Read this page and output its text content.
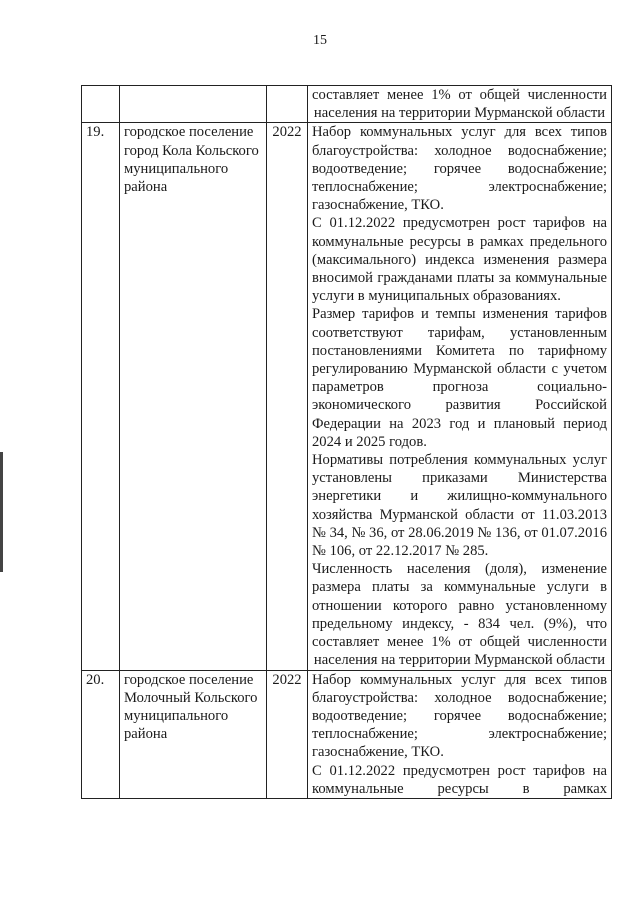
15

			составляет менее 1% от общей численности населения на территории Мурманской области

19.	городское поселение город Кола Кольского муниципального района	2022	Набор коммунальных услуг для всех типов благоустройства: холодное водоснабжение; водоотведение; горячее водоснабжение; теплоснабжение; электроснабжение; газоснабжение, ТКО.

С 01.12.2022 предусмотрен рост тарифов на коммунальные ресурсы в рамках предельного (максимального) индекса изменения размера вносимой гражданами платы за коммунальные услуги в муниципальных образованиях.

Размер тарифов и темпы изменения тарифов соответствуют тарифам, установленным постановлениями Комитета по тарифному регулированию Мурманской области с учетом параметров прогноза социально-экономического развития Российской Федерации на 2023 год и плановый период 2024 и 2025 годов.

Нормативы потребления коммунальных услуг установлены приказами Министерства энергетики и жилищно-коммунального хозяйства Мурманской области от 11.03.2013 № 34, № 36, от 28.06.2019 № 136, от 01.07.2016 № 106, от 22.12.2017 № 285.

Численность населения (доля), изменение размера платы за коммунальные услуги в отношении которого равно установленному предельному индексу, - 834 чел. (9%), что составляет менее 1% от общей численности населения на территории Мурманской области

20.	городское поселение Молочный Кольского муниципального района	2022	Набор коммунальных услуг для всех типов благоустройства: холодное водоснабжение; водоотведение; горячее водоснабжение; теплоснабжение; электроснабжение; газоснабжение, ТКО.

С 01.12.2022 предусмотрен рост тарифов на коммунальные ресурсы в рамках
